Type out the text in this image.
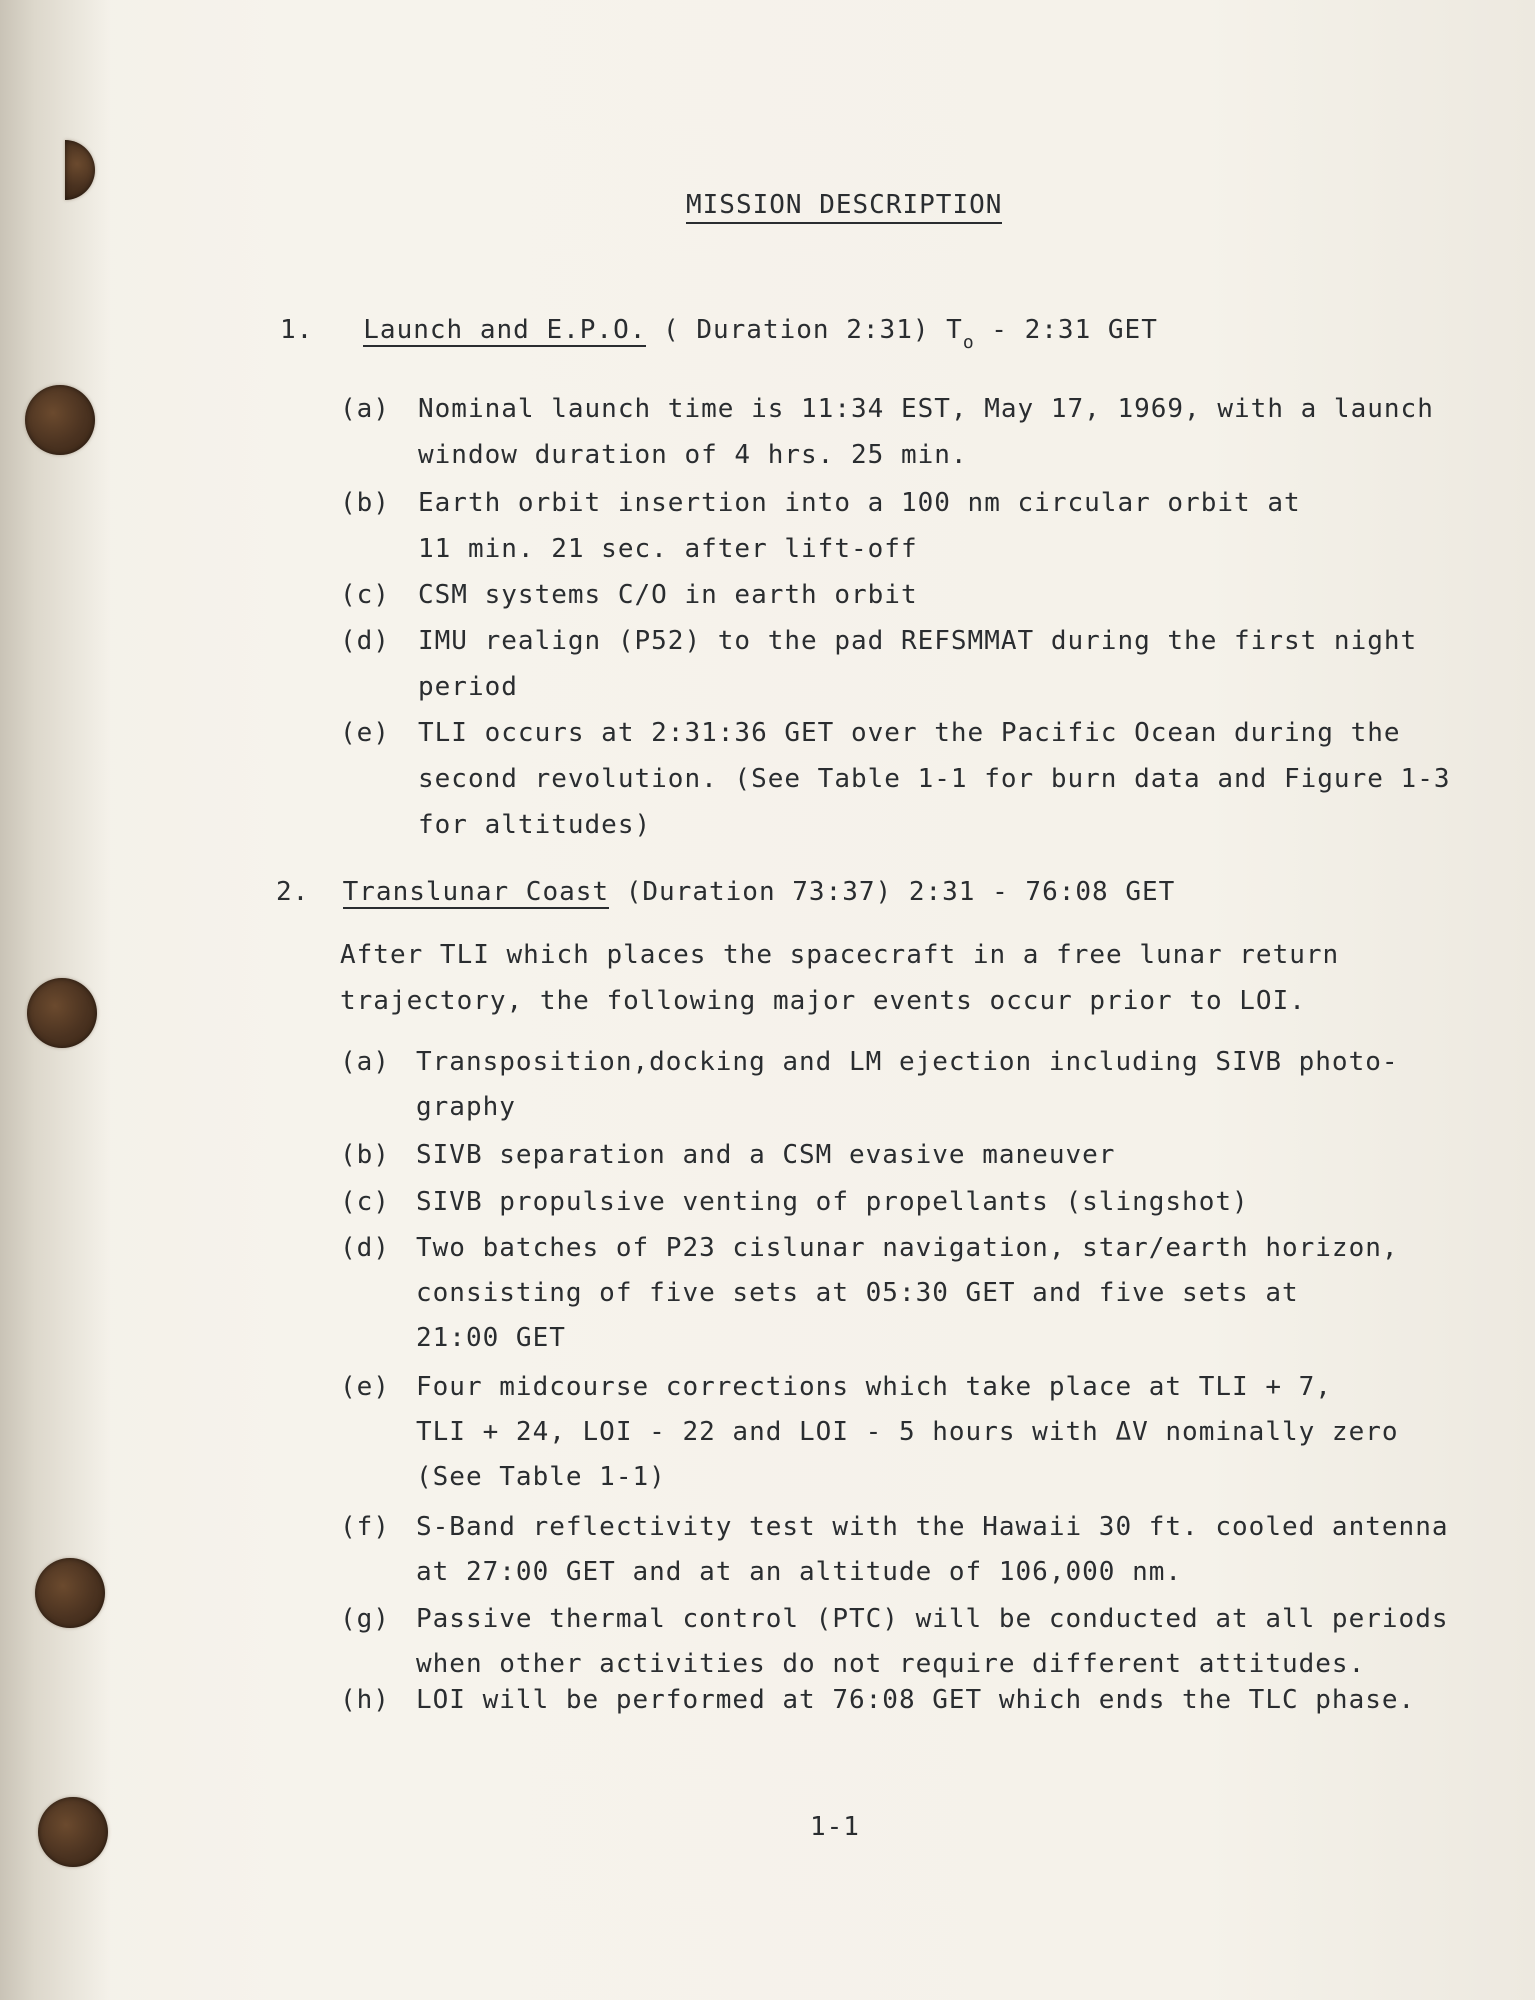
MISSION DESCRIPTION
1. Launch and E.P.O. ( Duration 2:31) $T_o$ - 2:31 GET
(a) Nominal launch time is 11:34 EST, May 17, 1969, with a launch
window duration of 4 hrs. 25 min.
(b) Earth orbit insertion into a 100 nm circular orbit at
11 min. 21 sec. after lift-off
(c) CSM systems C/O in earth orbit
(d) IMU realign (P52) to the pad REFSMMAT during the first night
period
(e) TLI occurs at 2:31:36 GET over the Pacific Ocean during the
second revolution. (See Table 1-1 for burn data and Figure 1-3
for altitudes)
2. Translunar Coast (Duration 73:37) 2:31 - 76:08 GET
After TLI which places the spacecraft in a free lunar return
trajectory, the following major events occur prior to LOI.
(a) Transposition,docking and LM ejection including SIVB photo-
graphy
(b) SIVB separation and a CSM evasive maneuver
(c) SIVB propulsive venting of propellants (slingshot)
(d) Two batches of P23 cislunar navigation, star/earth horizon,
consisting of five sets at 05:30 GET and five sets at
21:00 GET
(e) Four midcourse corrections which take place at TLI + 7,
TLI + 24, LOI - 22 and LOI - 5 hours with ΔV nominally zero
(See Table 1-1)
(f) S-Band reflectivity test with the Hawaii 30 ft. cooled antenna
at 27:00 GET and at an altitude of 106,000 nm.
(g) Passive thermal control (PTC) will be conducted at all periods
when other activities do not require different attitudes.
(h) LOI will be performed at 76:08 GET which ends the TLC phase.
1-1
